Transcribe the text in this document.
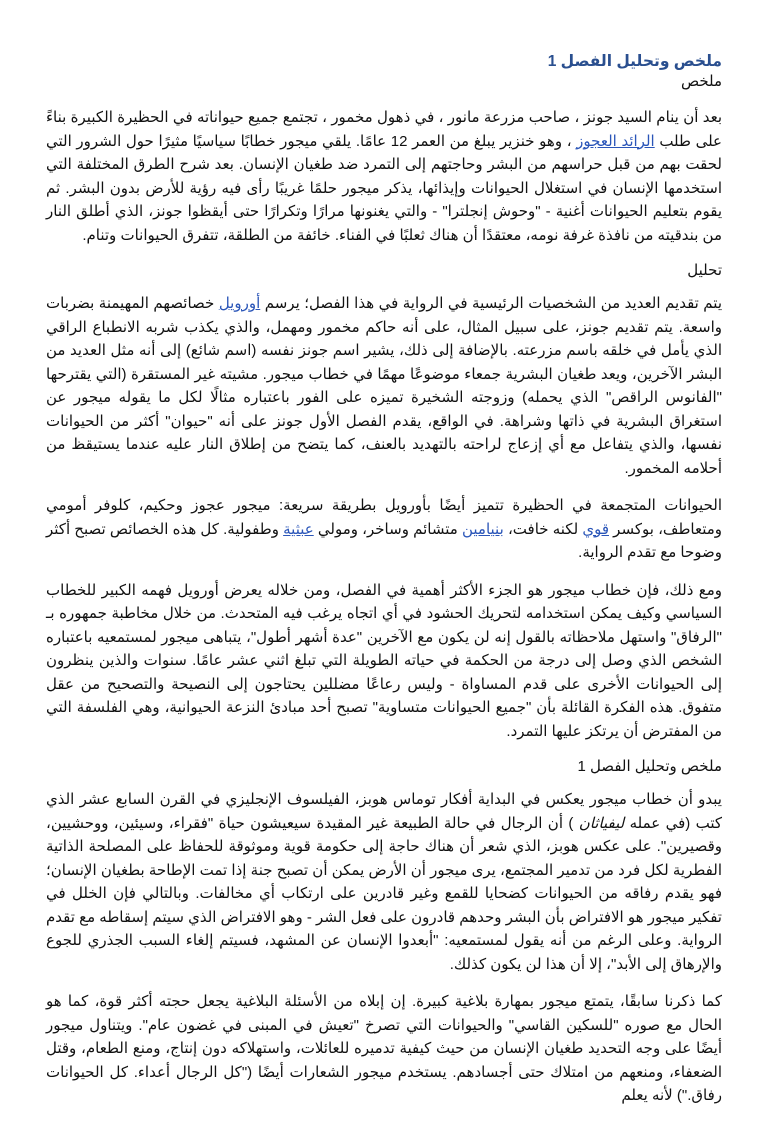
ملخص وتحليل الفصل 1

ملخص

بعد أن ينام السيد جونز ، صاحب مزرعة مانور ، في ذهول مخمور ، تجتمع جميع حيواناته في الحظيرة الكبيرة بناءً على طلب الرائد العجوز ، وهو خنزير يبلغ من العمر 12 عامًا. يلقي ميجور خطابًا سياسيًا مثيرًا حول الشرور التي لحقت بهم من قبل حراسهم من البشر وحاجتهم إلى التمرد ضد طغيان الإنسان. بعد شرح الطرق المختلفة التي استخدمها الإنسان في استغلال الحيوانات وإيذائها، يذكر ميجور حلمًا غريبًا رأى فيه رؤية للأرض بدون البشر. ثم يقوم بتعليم الحيوانات أغنية - "وحوش إنجلترا" - والتي يغنونها مرارًا وتكرارًا حتى أيقظوا جونز، الذي أطلق النار من بندقيته من نافذة غرفة نومه، معتقدًا أن هناك ثعلبًا في الفناء. خائفة من الطلقة، تتفرق الحيوانات وتنام.

تحليل

يتم تقديم العديد من الشخصيات الرئيسية في الرواية في هذا الفصل؛ يرسم أورويل خصائصهم المهيمنة بضربات واسعة. يتم تقديم جونز، على سبيل المثال، على أنه حاكم مخمور ومهمل، والذي يكذب شربه الانطباع الراقي الذي يأمل في خلقه باسم مزرعته. بالإضافة إلى ذلك، يشير اسم جونز نفسه (اسم شائع) إلى أنه مثل العديد من البشر الآخرين، ويعد طغيان البشرية جمعاء موضوعًا مهمًا في خطاب ميجور. مشيته غير المستقرة (التي يقترحها "الفانوس الراقص" الذي يحمله) وزوجته الشخيرة تميزه على الفور باعتباره مثالًا لكل ما يقوله ميجور عن استغراق البشرية في ذاتها وشراهة. في الواقع، يقدم الفصل الأول جونز على أنه "حيوان" أكثر من الحيوانات نفسها، والذي يتفاعل مع أي إزعاج لراحته بالتهديد بالعنف، كما يتضح من إطلاق النار عليه عندما يستيقظ من أحلامه المخمور.

الحيوانات المتجمعة في الحظيرة تتميز أيضًا بأورويل بطريقة سريعة: ميجور عجوز وحكيم، كلوفر أمومي ومتعاطف، بوكسر قوي لكنه خافت، بنيامين متشائم وساخر، ومولي عبثية وطفولية. كل هذه الخصائص تصبح أكثر وضوحا مع تقدم الرواية.

ومع ذلك، فإن خطاب ميجور هو الجزء الأكثر أهمية في الفصل، ومن خلاله يعرض أورويل فهمه الكبير للخطاب السياسي وكيف يمكن استخدامه لتحريك الحشود في أي اتجاه يرغب فيه المتحدث. من خلال مخاطبة جمهوره بـ "الرفاق" واستهل ملاحظاته بالقول إنه لن يكون مع الآخرين "عدة أشهر أطول"، يتباهى ميجور لمستمعيه باعتباره الشخص الذي وصل إلى درجة من الحكمة في حياته الطويلة التي تبلغ اثني عشر عامًا. سنوات والذين ينظرون إلى الحيوانات الأخرى على قدم المساواة - وليس رعاعًا مضللين يحتاجون إلى النصيحة والتصحيح من عقل متفوق. هذه الفكرة القائلة بأن "جميع الحيوانات متساوية" تصبح أحد مبادئ النزعة الحيوانية، وهي الفلسفة التي من المفترض أن يرتكز عليها التمرد.

ملخص وتحليل الفصل 1

يبدو أن خطاب ميجور يعكس في البداية أفكار توماس هوبز، الفيلسوف الإنجليزي في القرن السابع عشر الذي كتب (في عمله ليفياثان ) أن الرجال في حالة الطبيعة غير المقيدة سيعيشون حياة "فقراء، وسيئين، ووحشيين، وقصيرين". على عكس هوبز، الذي شعر أن هناك حاجة إلى حكومة قوية وموثوقة للحفاظ على المصلحة الذاتية الفطرية لكل فرد من تدمير المجتمع، يرى ميجور أن الأرض يمكن أن تصبح جنة إذا تمت الإطاحة بطغيان الإنسان؛ فهو يقدم رفاقه من الحيوانات كضحايا للقمع وغير قادرين على ارتكاب أي مخالفات. وبالتالي فإن الخلل في تفكير ميجور هو الافتراض بأن البشر وحدهم قادرون على فعل الشر - وهو الافتراض الذي سيتم إسقاطه مع تقدم الرواية. وعلى الرغم من أنه يقول لمستمعيه: "أبعدوا الإنسان عن المشهد، فسيتم إلغاء السبب الجذري للجوع والإرهاق إلى الأبد"، إلا أن هذا لن يكون كذلك.

كما ذكرنا سابقًا، يتمتع ميجور بمهارة بلاغية كبيرة. إن إبلاه من الأسئلة البلاغية يجعل حجته أكثر قوة، كما هو الحال مع صوره "للسكين القاسي" والحيوانات التي تصرخ "تعيش في المبنى في غضون عام". ويتناول ميجور أيضًا على وجه التحديد طغيان الإنسان من حيث كيفية تدميره للعائلات، واستهلاكه دون إنتاج، ومنع الطعام، وقتل الضعفاء، ومنعهم من امتلاك حتى أجسادهم. يستخدم ميجور الشعارات أيضًا ("كل الرجال أعداء. كل الحيوانات رفاق.") لأنه يعلم
